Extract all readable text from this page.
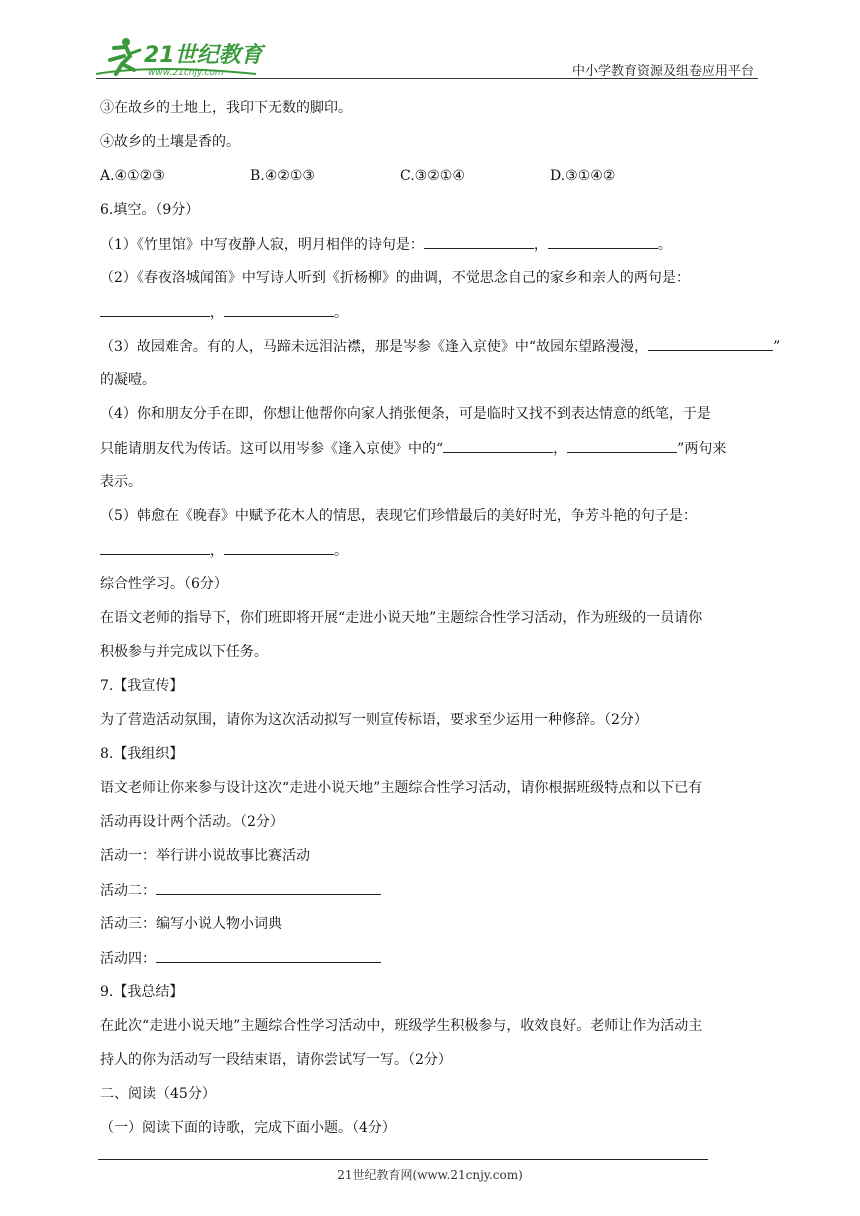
21世纪教育
www.21cnjy.com	中小学教育资源及组卷应用平台
③在故乡的土地上，我印下无数的脚印。
④故乡的土壤是香的。
A.④①②③	B.④②①③	C.③②①④	D.③①④②
6.填空。（9分）
（1）《竹里馆》中写夜静人寂，明月相伴的诗句是：	，	。
（2）《春夜洛城闻笛》中写诗人听到《折杨柳》的曲调，不觉思念自己的家乡和亲人的两句是：
，	。
（3）故园难舍。有的人，马蹄未远泪沾襟，那是岑参《逢入京使》中“故园东望路漫漫，	”
的凝噎。
（4）你和朋友分手在即，你想让他帮你向家人捎张便条，可是临时又找不到表达情意的纸笔，于是
只能请朋友代为传话。这可以用岑参《逢入京使》中的“	，	”两句来
表示。
（5）韩愈在《晚春》中赋予花木人的情思，表现它们珍惜最后的美好时光，争芳斗艳的句子是：
，	。
综合性学习。（6分）
在语文老师的指导下，你们班即将开展“走进小说天地”主题综合性学习活动，作为班级的一员请你
积极参与并完成以下任务。
7.【我宣传】
为了营造活动氛围，请你为这次活动拟写一则宣传标语，要求至少运用一种修辞。（2分）
8.【我组织】
语文老师让你来参与设计这次“走进小说天地”主题综合性学习活动，请你根据班级特点和以下已有
活动再设计两个活动。（2分）
活动一：举行讲小说故事比赛活动
活动二：
活动三：编写小说人物小词典
活动四：
9.【我总结】
在此次“走进小说天地”主题综合性学习活动中，班级学生积极参与，收效良好。老师让作为活动主
持人的你为活动写一段结束语，请你尝试写一写。（2分）
二、阅读（45分）
（一）阅读下面的诗歌，完成下面小题。（4分）
21世纪教育网(www.21cnjy.com)
